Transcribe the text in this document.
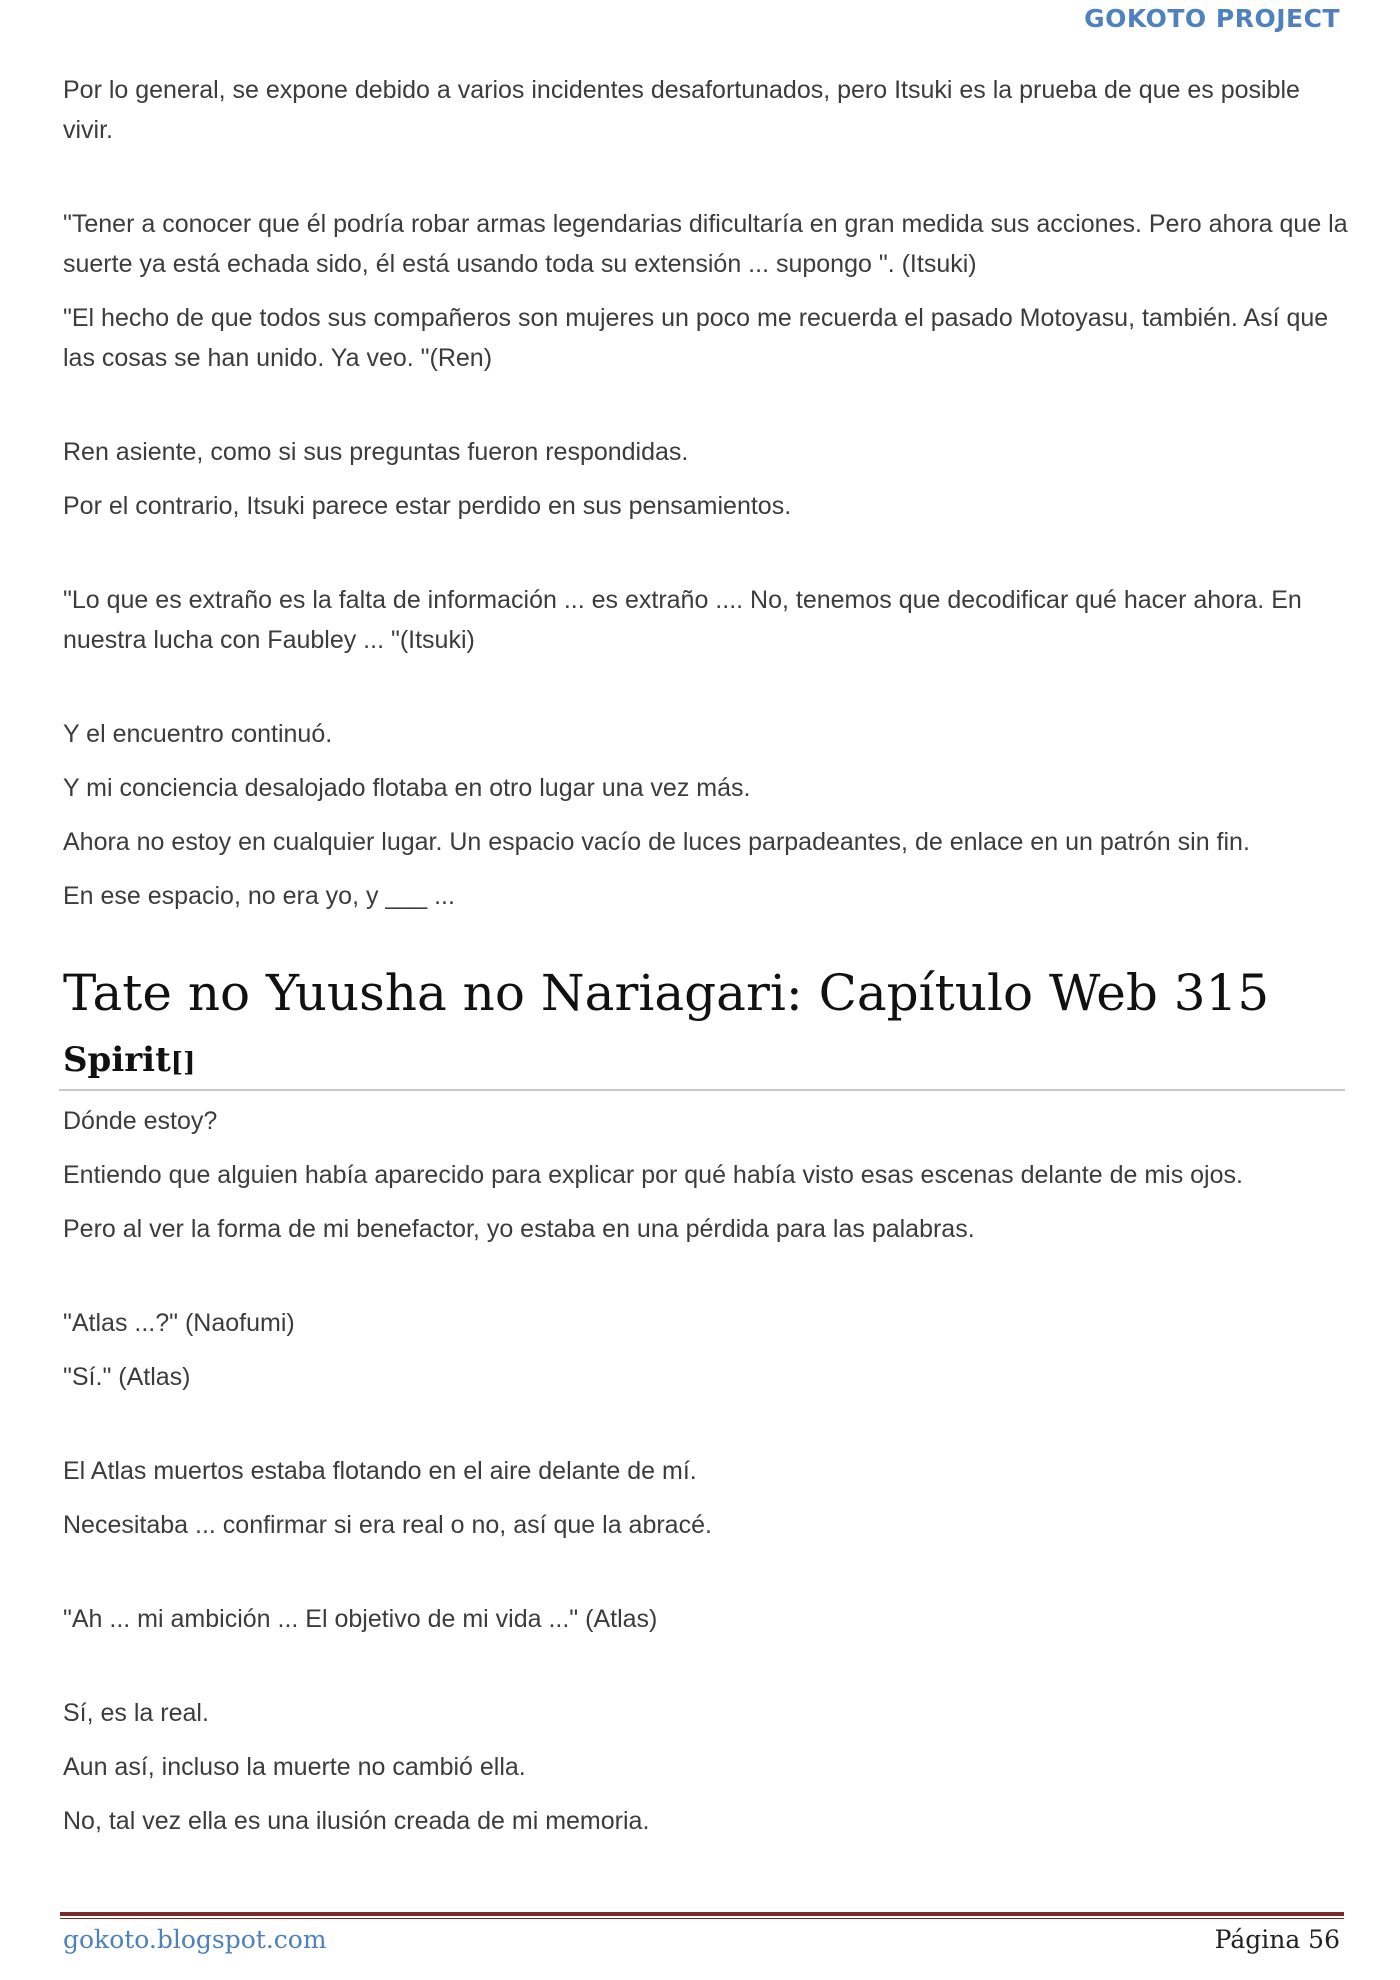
GOKOTO PROJECT

Por lo general, se expone debido a varios incidentes desafortunados, pero Itsuki es la prueba de que es posible vivir.

"Tener a conocer que él podría robar armas legendarias dificultaría en gran medida sus acciones. Pero ahora que la suerte ya está echada sido, él está usando toda su extensión ... supongo ". (Itsuki)

"El hecho de que todos sus compañeros son mujeres un poco me recuerda el pasado Motoyasu, también. Así que las cosas se han unido. Ya veo. "(Ren)

Ren asiente, como si sus preguntas fueron respondidas.

Por el contrario, Itsuki parece estar perdido en sus pensamientos.

"Lo que es extraño es la falta de información ... es extraño .... No, tenemos que decodificar qué hacer ahora. En nuestra lucha con Faubley ... "(Itsuki)

Y el encuentro continuó.

Y mi conciencia desalojado flotaba en otro lugar una vez más.

Ahora no estoy en cualquier lugar. Un espacio vacío de luces parpadeantes, de enlace en un patrón sin fin.

En ese espacio, no era yo, y ___ ...

Tate no Yuusha no Nariagari: Capítulo Web 315
Spirit[]

Dónde estoy?

Entiendo que alguien había aparecido para explicar por qué había visto esas escenas delante de mis ojos.

Pero al ver la forma de mi benefactor, yo estaba en una pérdida para las palabras.

"Atlas ...?" (Naofumi)

"Sí." (Atlas)

El Atlas muertos estaba flotando en el aire delante de mí.

Necesitaba ... confirmar si era real o no, así que la abracé.

"Ah ... mi ambición ... El objetivo de mi vida ..." (Atlas)

Sí, es la real.

Aun así, incluso la muerte no cambió ella.

No, tal vez ella es una ilusión creada de mi memoria.

gokoto.blogspot.com	Página 56
